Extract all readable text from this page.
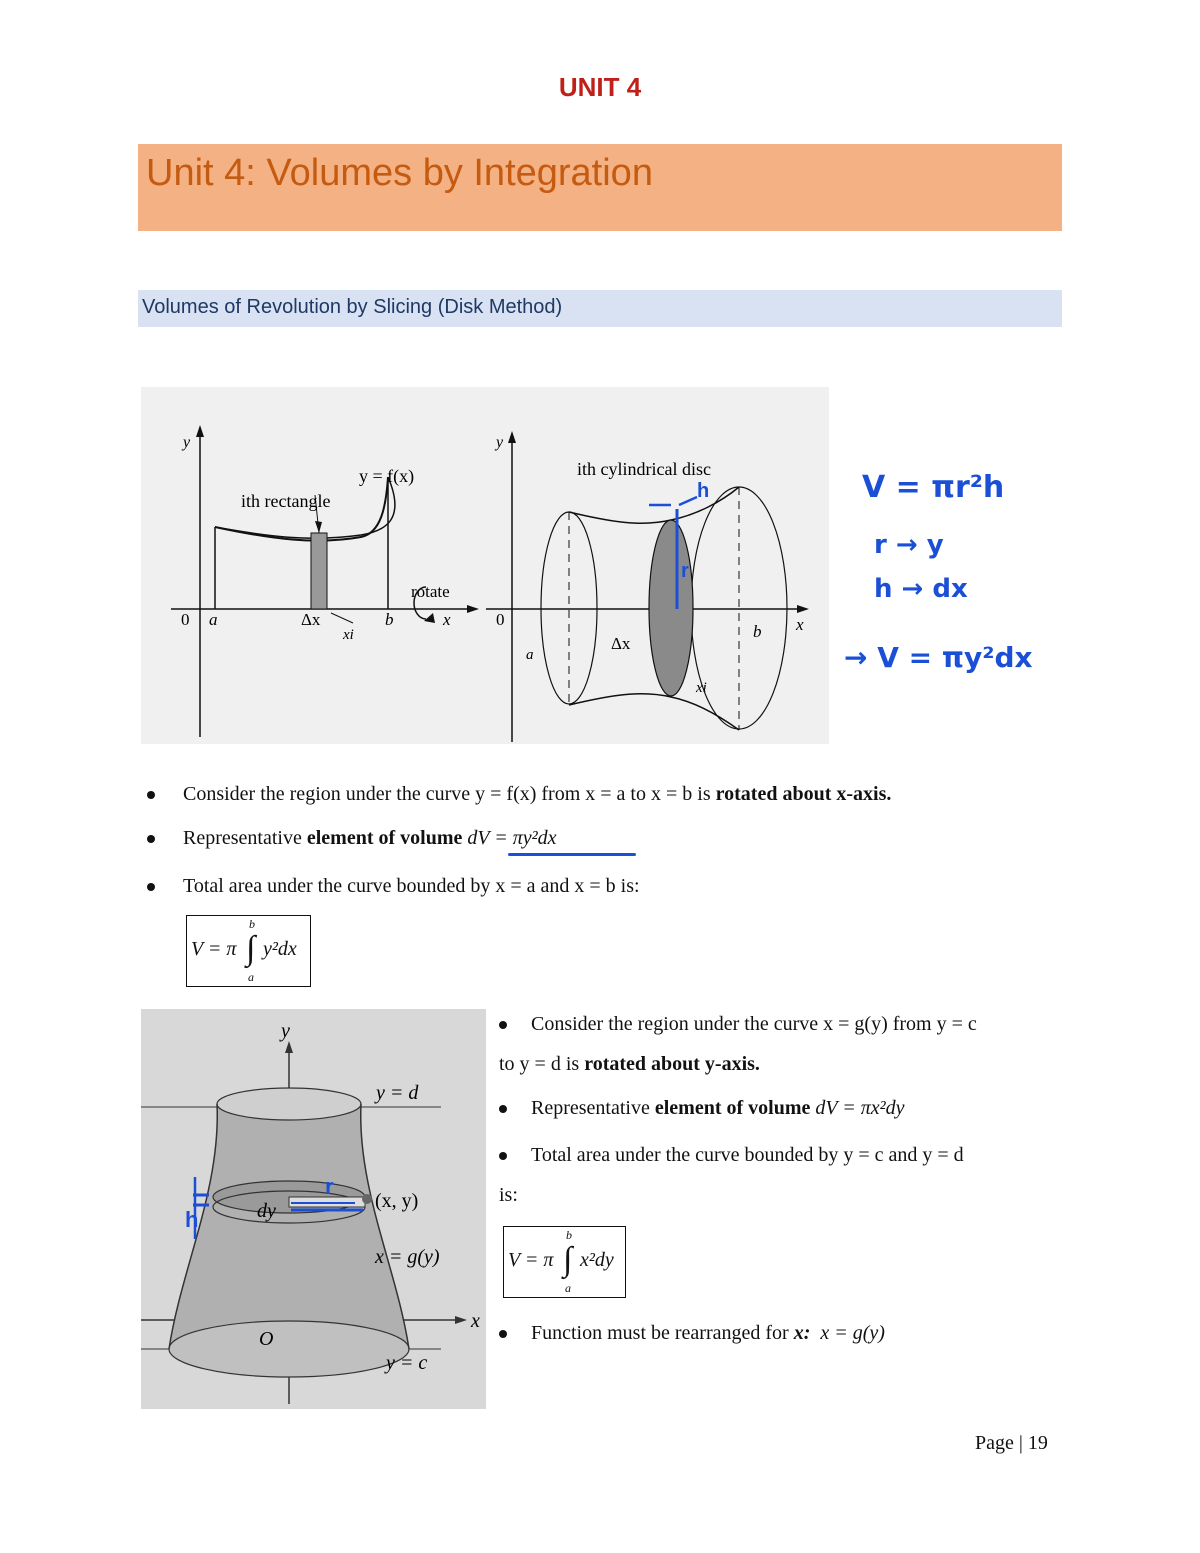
UNIT 4
Unit 4: Volumes by Integration
Volumes of Revolution by Slicing (Disk Method)
y
y = f(x)
ith rectangle
rotate
0 a	Δx
xi
b	x
y
ith cylindrical disc
0
a
Δx
xi
b x
h
r
V = πr²h
r → y
h → dx
→ V = πy²dx
Consider the region under the curve y = f(x) from x = a to x = b is rotated about x-axis.
Representative element of volume dV = πy²dx
Total area under the curve bounded by x = a and x = b is:
V = π ∫
b
a
y²dx
y
y = d
(x, y)
dy
x = g(y)
O
x
y = c
r
h
Consider the region under the curve x = g(y) from y = c
to y = d is rotated about y-axis.
Representative element of volume dV = πx²dy
Total area under the curve bounded by y = c and y = d
is:
V = π ∫
b
a
x²dy
Function must be rearranged for x: x = g(y)
Page | 19
